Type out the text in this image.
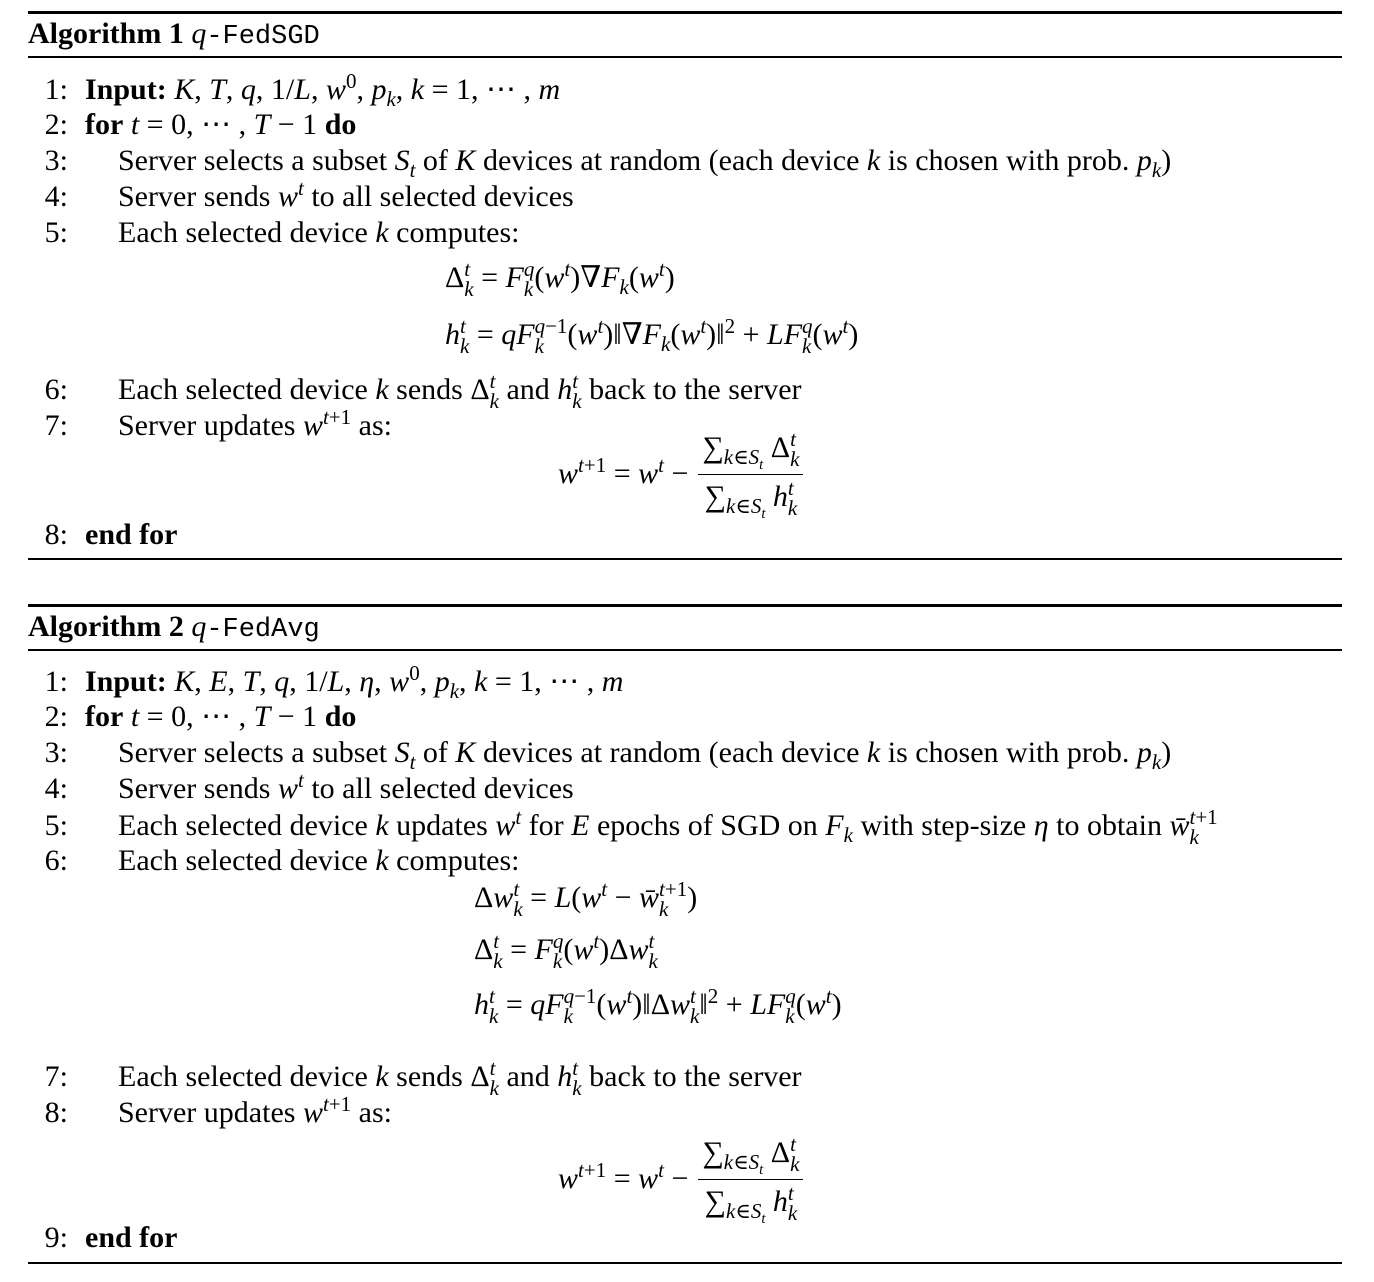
Algorithm 1 q-FedSGD
1: Input: K, T, q, 1/L, $w^0$, $p_k$, k = 1, ⋯ , m
2: for t = 0, ⋯ , T − 1 do
3: Server selects a subset $S_t$ of K devices at random (each device k is chosen with prob. $p_k$)
4: Server sends $w^t$ to all selected devices
5: Each selected device k computes:
Δ t
k = F q
k $(w^t)\nabla F_k(w^t)$
h t
k = qF q−1
k $(w^t)‖\nabla F_k(w^t)‖^2$ + LF q
k $(w^t)$
6: Each selected device k sends Δ t
k and h t
k back to the server
7: Server updates $w^{t+1}$ as:
$w^{t+1} = w^t$ −
$\sum_{k\in S_t}$ Δ t
k
$\sum_{k\in S_t}$ h t
k
8: end for
Algorithm 2 q-FedAvg
1: Input: K, E, T, q, 1/L, η, $w^0$, $p_k$, k = 1, ⋯ , m
2: for t = 0, ⋯ , T − 1 do
3: Server selects a subset $S_t$ of K devices at random (each device k is chosen with prob. $p_k$)
4: Server sends $w^t$ to all selected devices
5: Each selected device k updates $w^t$ for E epochs of SGD on $F_k$ with step-size η to obtain w̄ t+1
k
6: Each selected device k computes:
Δw t
$k = L(w^t$ − w̄ t+1
k )
Δ t
k = F q
k $(w^t)\Delta w$ t
k
h t
k = qF q−1
k $(w^t)‖\Delta w$ t
k ‖$^2$ + LF q
k $(w^t)$
7: Each selected device k sends Δ t
k and h t
k back to the server
8: Server updates $w^{t+1}$ as:
$w^{t+1} = w^t$ −
$\sum_{k\in S_t}$ Δ t
k
$\sum_{k\in S_t}$ h t
k
9: end for
